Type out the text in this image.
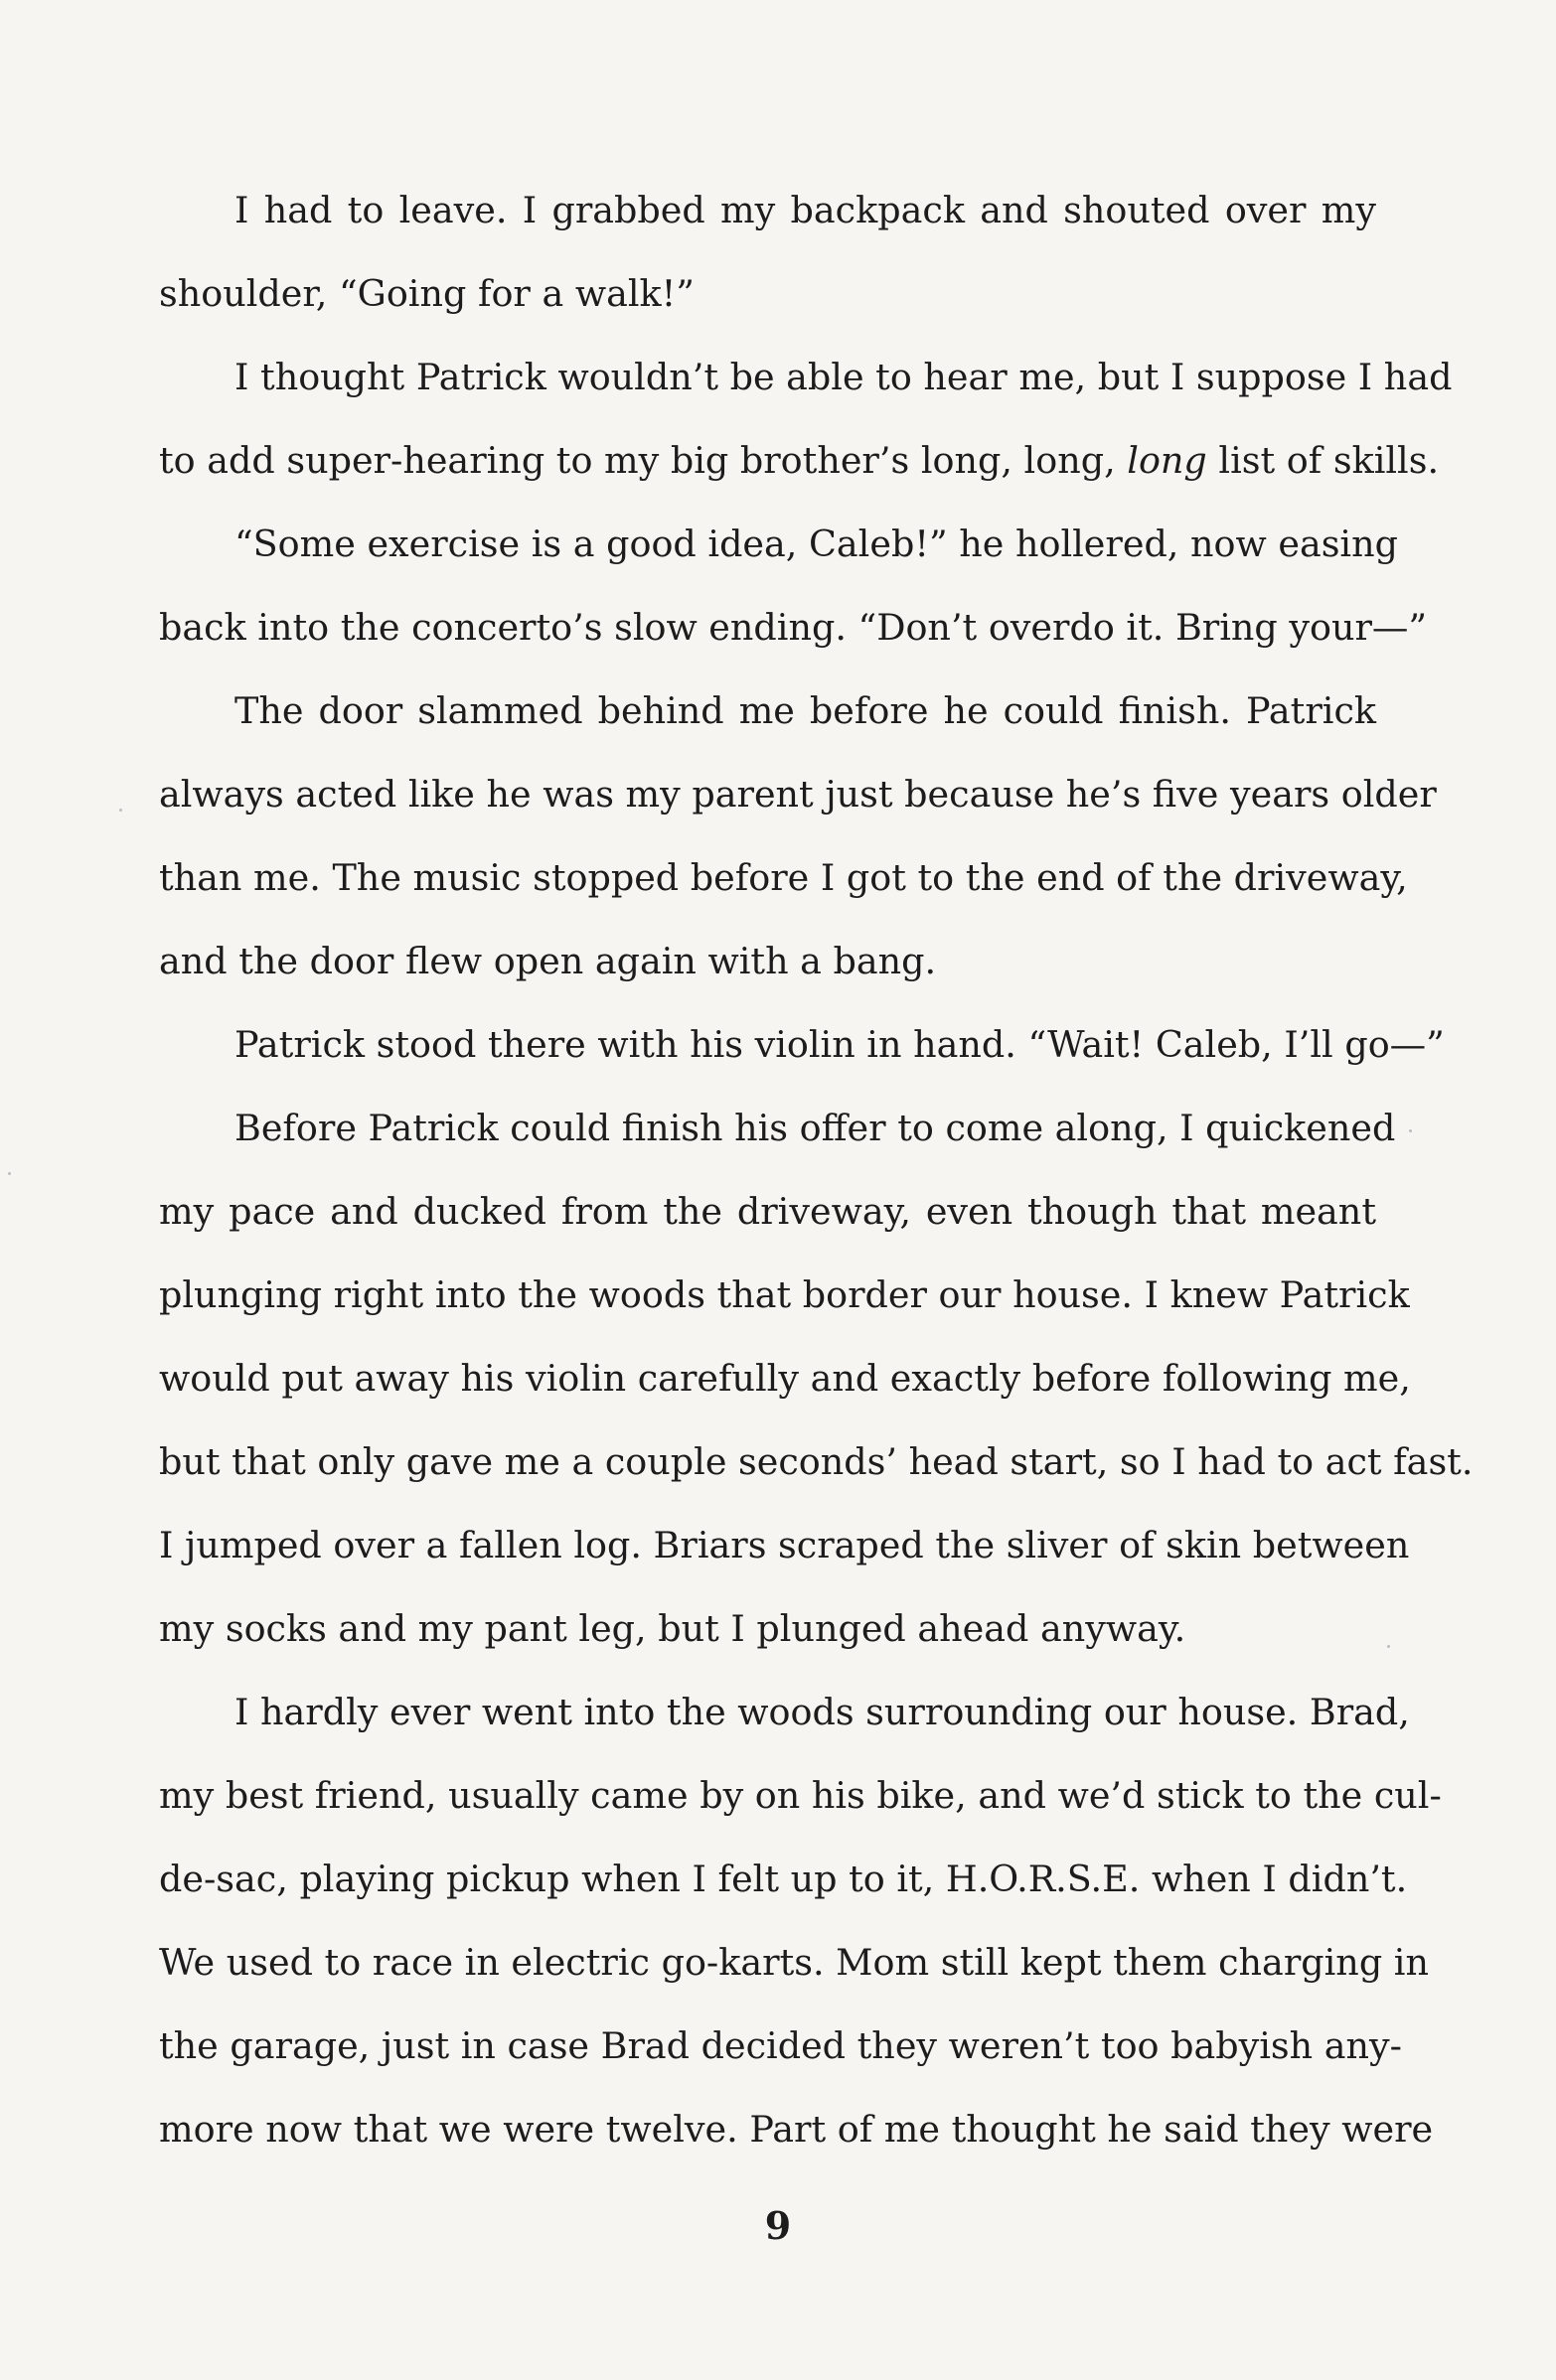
I had to leave. I grabbed my backpack and shouted over my
shoulder, “Going for a walk!”
I thought Patrick wouldn’t be able to hear me, but I suppose I had
to add super-hearing to my big brother’s long, long, long list of skills.
“Some exercise is a good idea, Caleb!” he hollered, now easing
back into the concerto’s slow ending. “Don’t overdo it. Bring your—”
The door slammed behind me before he could finish. Patrick
always acted like he was my parent just because he’s five years older
than me. The music stopped before I got to the end of the driveway,
and the door flew open again with a bang.
Patrick stood there with his violin in hand. “Wait! Caleb, I’ll go—”
Before Patrick could finish his offer to come along, I quickened
my pace and ducked from the driveway, even though that meant
plunging right into the woods that border our house. I knew Patrick
would put away his violin carefully and exactly before following me,
but that only gave me a couple seconds’ head start, so I had to act fast.
I jumped over a fallen log. Briars scraped the sliver of skin between
my socks and my pant leg, but I plunged ahead anyway.
I hardly ever went into the woods surrounding our house. Brad,
my best friend, usually came by on his bike, and we’d stick to the cul-
de-sac, playing pickup when I felt up to it, H.O.R.S.E. when I didn’t.
We used to race in electric go-karts. Mom still kept them charging in
the garage, just in case Brad decided they weren’t too babyish any-
more now that we were twelve. Part of me thought he said they were
9
